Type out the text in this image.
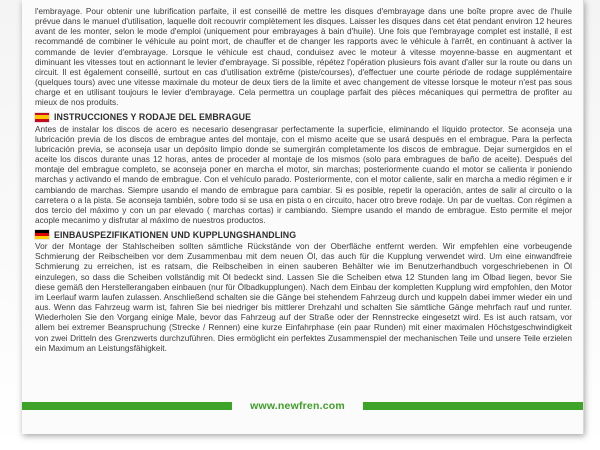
l'embrayage. Pour obtenir une lubrification parfaite, il est conseillé de mettre les disques d'embrayage dans une boîte propre avec de l'huile prévue dans le manuel d'utilisation, laquelle doit recouvrir complètement les disques. Laisser les disques dans cet état pendant environ 12 heures avant de les monter, selon le mode d'emploi (uniquement pour embrayages à bain d'huile). Une fois que l'embrayage complet est installé, il est recommandé de combiner le véhicule au point mort, de chauffer et de changer les rapports avec le véhicule à l'arrêt, en continuant à activer la commande de levier d'embrayage. Lorsque le véhicule est chaud, conduisez avec le moteur à vitesse moyenne-basse en augmentant et diminuant les vitesses tout en actionnant le levier d'embrayage. Si possible, répétez l'opération plusieurs fois avant d'aller sur la route ou dans un circuit. Il est également conseillé, surtout en cas d'utilisation extrême (piste/courses), d'effectuer une courte période de rodage supplémentaire (quelques tours) avec une vitesse maximale du moteur de deux tiers de la limite et avec changement de vitesse lorsque le moteur n'est pas sous charge et en utilisant toujours le levier d'embrayage. Cela permettra un couplage parfait des pièces mécaniques qui permettra de profiter au mieux de nos produits.

INSTRUCCIONES Y RODAJE DEL EMBRAGUE

Antes de instalar los discos de acero es necesario desengrasar perfectamente la superficie, eliminando el líquido protector. Se aconseja una lubricación previa de los discos de embrague antes del montaje, con el mismo aceite que se usará después en el embrague. Para la perfecta lubricación previa, se aconseja usar un depósito limpio donde se sumergirán completamente los discos de embrague. Dejar sumergidos en el aceite los discos durante unas 12 horas, antes de proceder al montaje de los mismos (solo para embragues de baño de aceite). Después del montaje del embrague completo, se aconseja poner en marcha el motor, sin marchas; posteriormente cuando el motor se calienta ir poniendo marchas y activando el mando de embrague. Con el vehículo parado. Posteriormente, con el motor caliente, salir en marcha a medio régimen e ir cambiando de marchas. Siempre usando el mando de embrague para cambiar. Si es posible, repetir la operación, antes de salir al circuito o la carretera o a la pista. Se aconseja también, sobre todo si se usa en pista o en circuito, hacer otro breve rodaje. Un par de vueltas. Con régimen a dos tercio del máximo y con un par elevado ( marchas cortas) ir cambiando. Siempre usando el mando de embrague. Esto permite el mejor acople mecanimo y disfrutar al máximo de nuestros productos.

EINBAUSPEZIFIKATIONEN UND KUPPLUNGSHANDLING

Vor der Montage der Stahlscheiben sollten sämtliche Rückstände von der Oberfläche entfernt werden. Wir empfehlen eine vorbeugende Schmierung der Reibscheiben vor dem Zusammenbau mit dem neuen Öl, das auch für die Kupplung verwendet wird. Um eine einwandfreie Schmierung zu erreichen, ist es ratsam, die Reibscheiben in einen sauberen Behälter wie im Benutzerhandbuch vorgeschriebenen in Öl einzulegen, so dass die Scheiben vollständig mit Öl bedeckt sind. Lassen Sie die Scheiben etwa 12 Stunden lang im Ölbad liegen, bevor Sie diese gemäß den Herstellerangaben einbauen (nur für Ölbadkupplungen). Nach dem Einbau der kompletten Kupplung wird empfohlen, den Motor im Leerlauf warm laufen zulassen. Anschließend schalten sie die Gänge bei stehendem Fahrzeug durch und kuppeln dabei immer wieder ein und aus. Wenn das Fahrzeug warm ist, fahren Sie bei niedriger bis mittlerer Drehzahl und schalten Sie sämtliche Gänge mehrfach rauf und runter. Wiederholen Sie den Vorgang einige Male, bevor das Fahrzeug auf der Straße oder der Rennstrecke eingesetzt wird. Es ist auch ratsam, vor allem bei extremer Beanspruchung (Strecke / Rennen) eine kurze Einfahrphase (ein paar Runden) mit einer maximalen Höchstgeschwindigkeit von zwei Dritteln des Grenzwerts durchzuführen. Dies ermöglicht ein perfektes Zusammenspiel der mechanischen Teile und unsere Teile erzielen ein Maximum an Leistungsfähigkeit.

www.newfren.com
